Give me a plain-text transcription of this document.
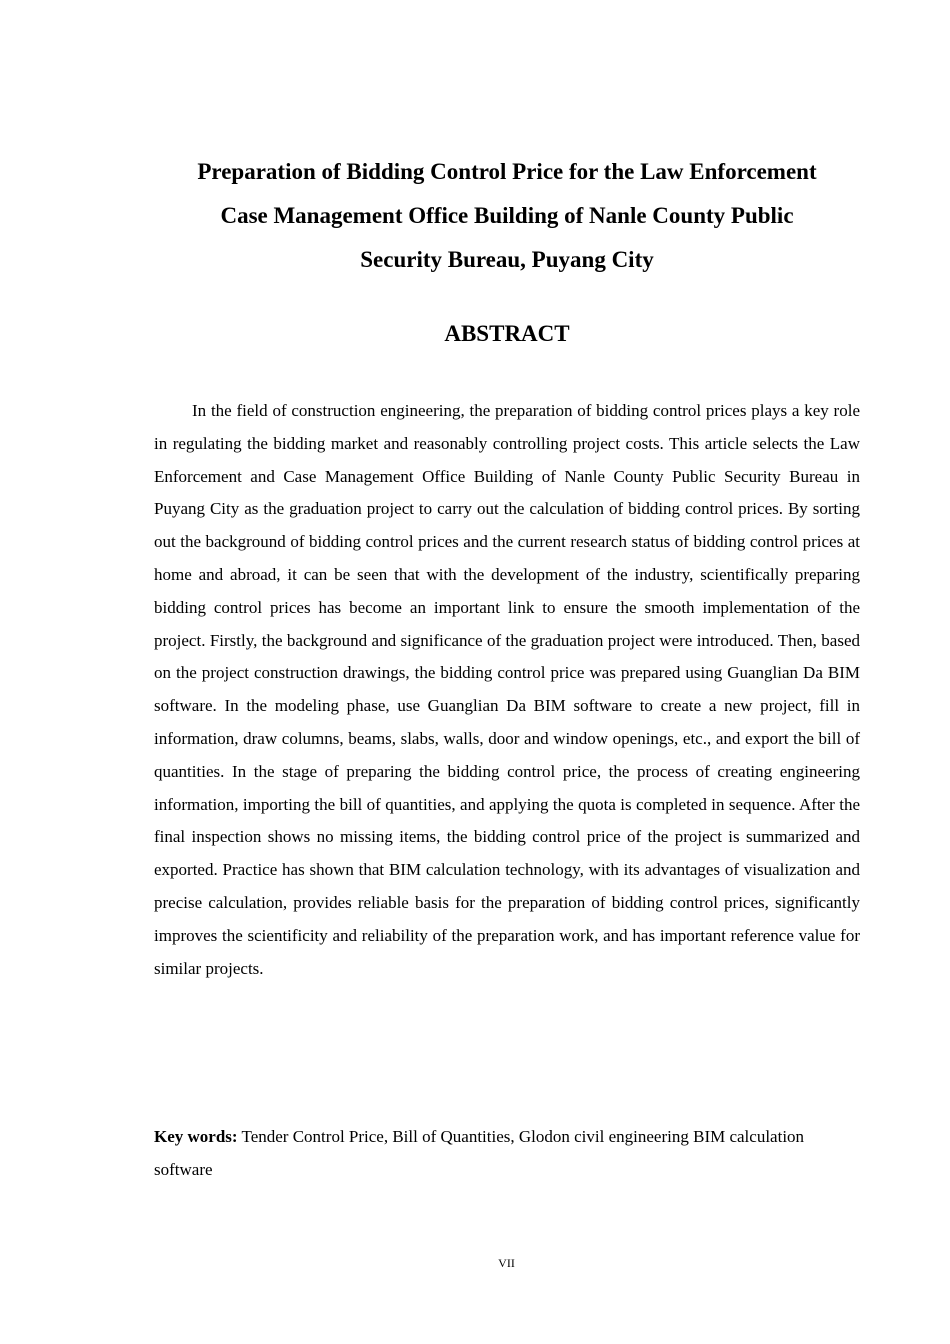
Preparation of Bidding Control Price for the Law Enforcement
Case Management Office Building of Nanle County Public
Security Bureau, Puyang City
ABSTRACT

In the field of construction engineering, the preparation of bidding control prices plays a key role in regulating the bidding market and reasonably controlling project costs. This article selects the Law Enforcement and Case Management Office Building of Nanle County Public Security Bureau in Puyang City as the graduation project to carry out the calculation of bidding control prices. By sorting out the background of bidding control prices and the current research status of bidding control prices at home and abroad, it can be seen that with the development of the industry, scientifically preparing bidding control prices has become an important link to ensure the smooth implementation of the project. Firstly, the background and significance of the graduation project were introduced. Then, based on the project construction drawings, the bidding control price was prepared using Guanglian Da BIM software. In the modeling phase, use Guanglian Da BIM software to create a new project, fill in information, draw columns, beams, slabs, walls, door and window openings, etc., and export the bill of quantities. In the stage of preparing the bidding control price, the process of creating engineering information, importing the bill of quantities, and applying the quota is completed in sequence. After the final inspection shows no missing items, the bidding control price of the project is summarized and exported. Practice has shown that BIM calculation technology, with its advantages of visualization and precise calculation, provides reliable basis for the preparation of bidding control prices, significantly improves the scientificity and reliability of the preparation work, and has important reference value for similar projects.

Key words: Tender Control Price, Bill of Quantities, Glodon civil engineering BIM calculation software

VII
